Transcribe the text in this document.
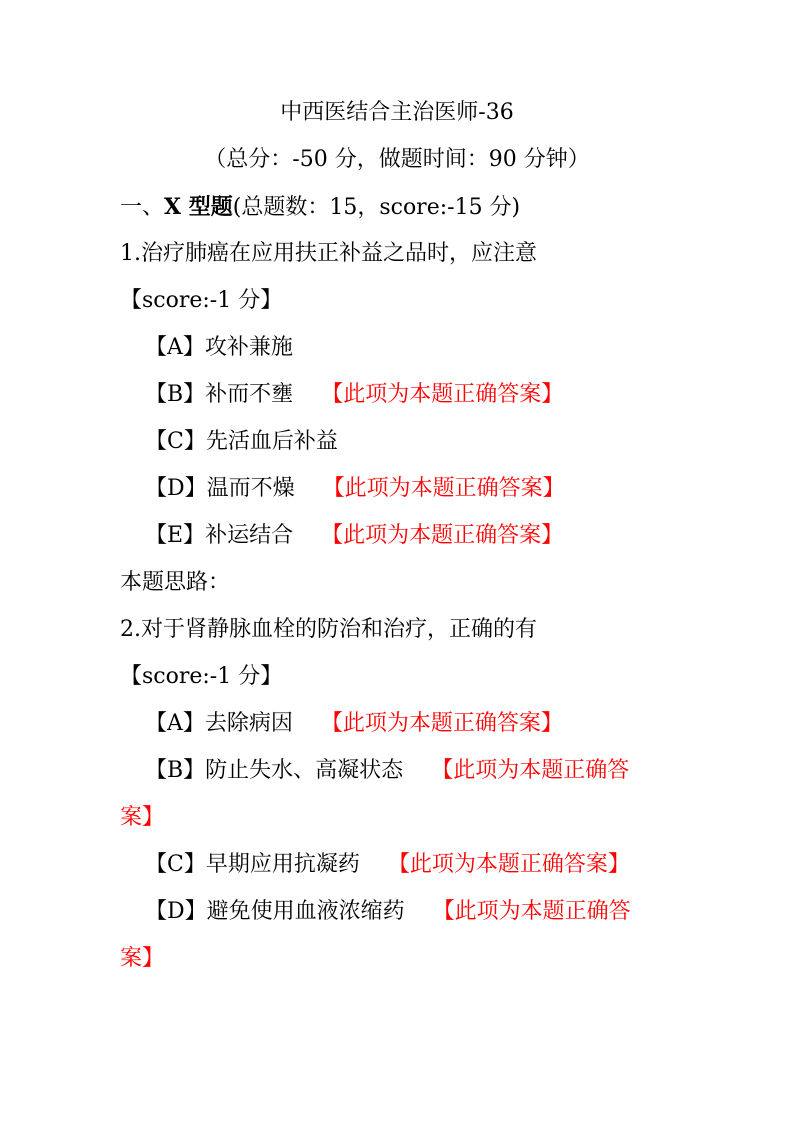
中西医结合主治医师-36
（总分：-50 分，做题时间：90 分钟）
一、X 型题(总题数：15，score:-15 分)
1.治疗肺癌在应用扶正补益之品时，应注意
【score:-1 分】
【A】攻补兼施
【B】补而不壅 【此项为本题正确答案】
【C】先活血后补益
【D】温而不燥 【此项为本题正确答案】
【E】补运结合 【此项为本题正确答案】
本题思路：
2.对于肾静脉血栓的防治和治疗，正确的有
【score:-1 分】
【A】去除病因 【此项为本题正确答案】
【B】防止失水、高凝状态 【此项为本题正确答
案】
【C】早期应用抗凝药 【此项为本题正确答案】
【D】避免使用血液浓缩药 【此项为本题正确答
案】
